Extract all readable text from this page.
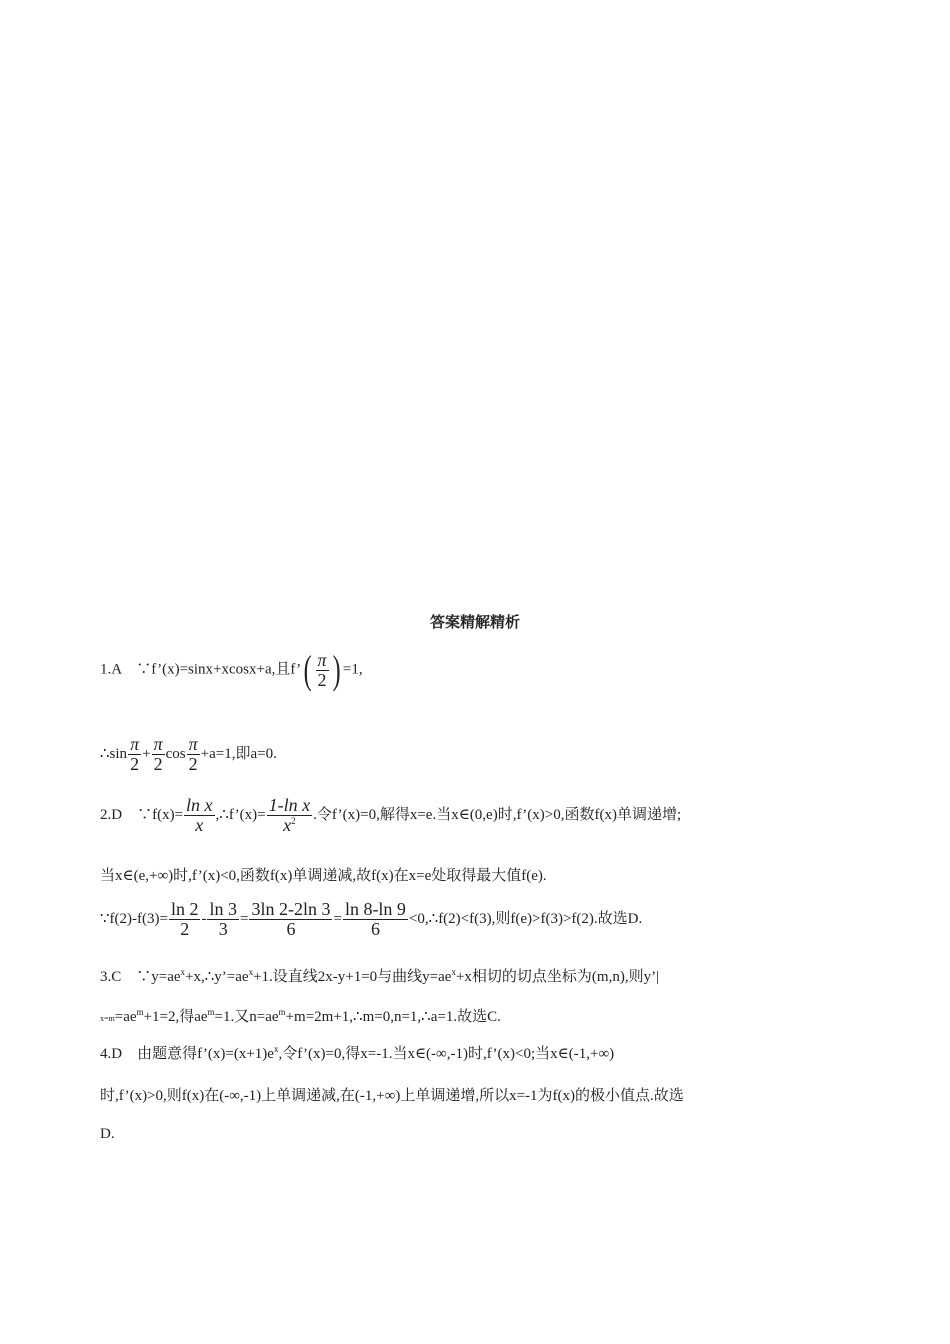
答案精解精析
1.A　∵f’(x)=sinx+xcosx+a,且f’( $\frac{\pi}{2}$ ) =1,
∴sin $\frac{\pi}{2} + \frac{\pi}{2}$ $\cos \frac{\pi}{2} +a=1$,即a=0.
2.D　∵f(x)= $\frac{\text{ln x}}{x}$ ,∴f’(x)= $\frac{\text{1-ln x}}{x^2}$ .令f’(x)=0,解得x=e.当x∈(0,e)时,f’(x)>0,函数f(x)单调递增;
当x∈(e,+∞)时,f’(x)<0,函数f(x)单调递减,故f(x)在x=e处取得最大值f(e).
∵f(2)-f(3)= $\frac{\ln 2}{2} - \frac{\ln 3}{3} = \frac{3\ln 2-2\ln 3}{6} = \frac{\ln 8-\ln 9}{6}$ <0,∴f(2)<f(3),则f(e)>f(3)>f(2).故选D.
3.C　$\because y=ae^x+x,\therefore y’=ae^x+1$.设直线2x-y+1=0与曲线$y=ae^x+x$相切的切点坐标为(m,n),则y’|
$x=m=ae^m+1=2$,得$ae^m=1$.又$n=ae^m+m=2m+1,\therefore m=0,n=1,\therefore a=1$.故选C.
4.D　由题意得$f’(x)=(x+1)e^x$,令f’(x)=0,得x=-1.当x∈(-∞,-1)时,f’(x)<0;当x∈(-1,+∞)
时,f’(x)>0,则f(x)在(-∞,-1)上单调递减,在(-1,+∞)上单调递增,所以x=-1为f(x)的极小值点.故选
D.
